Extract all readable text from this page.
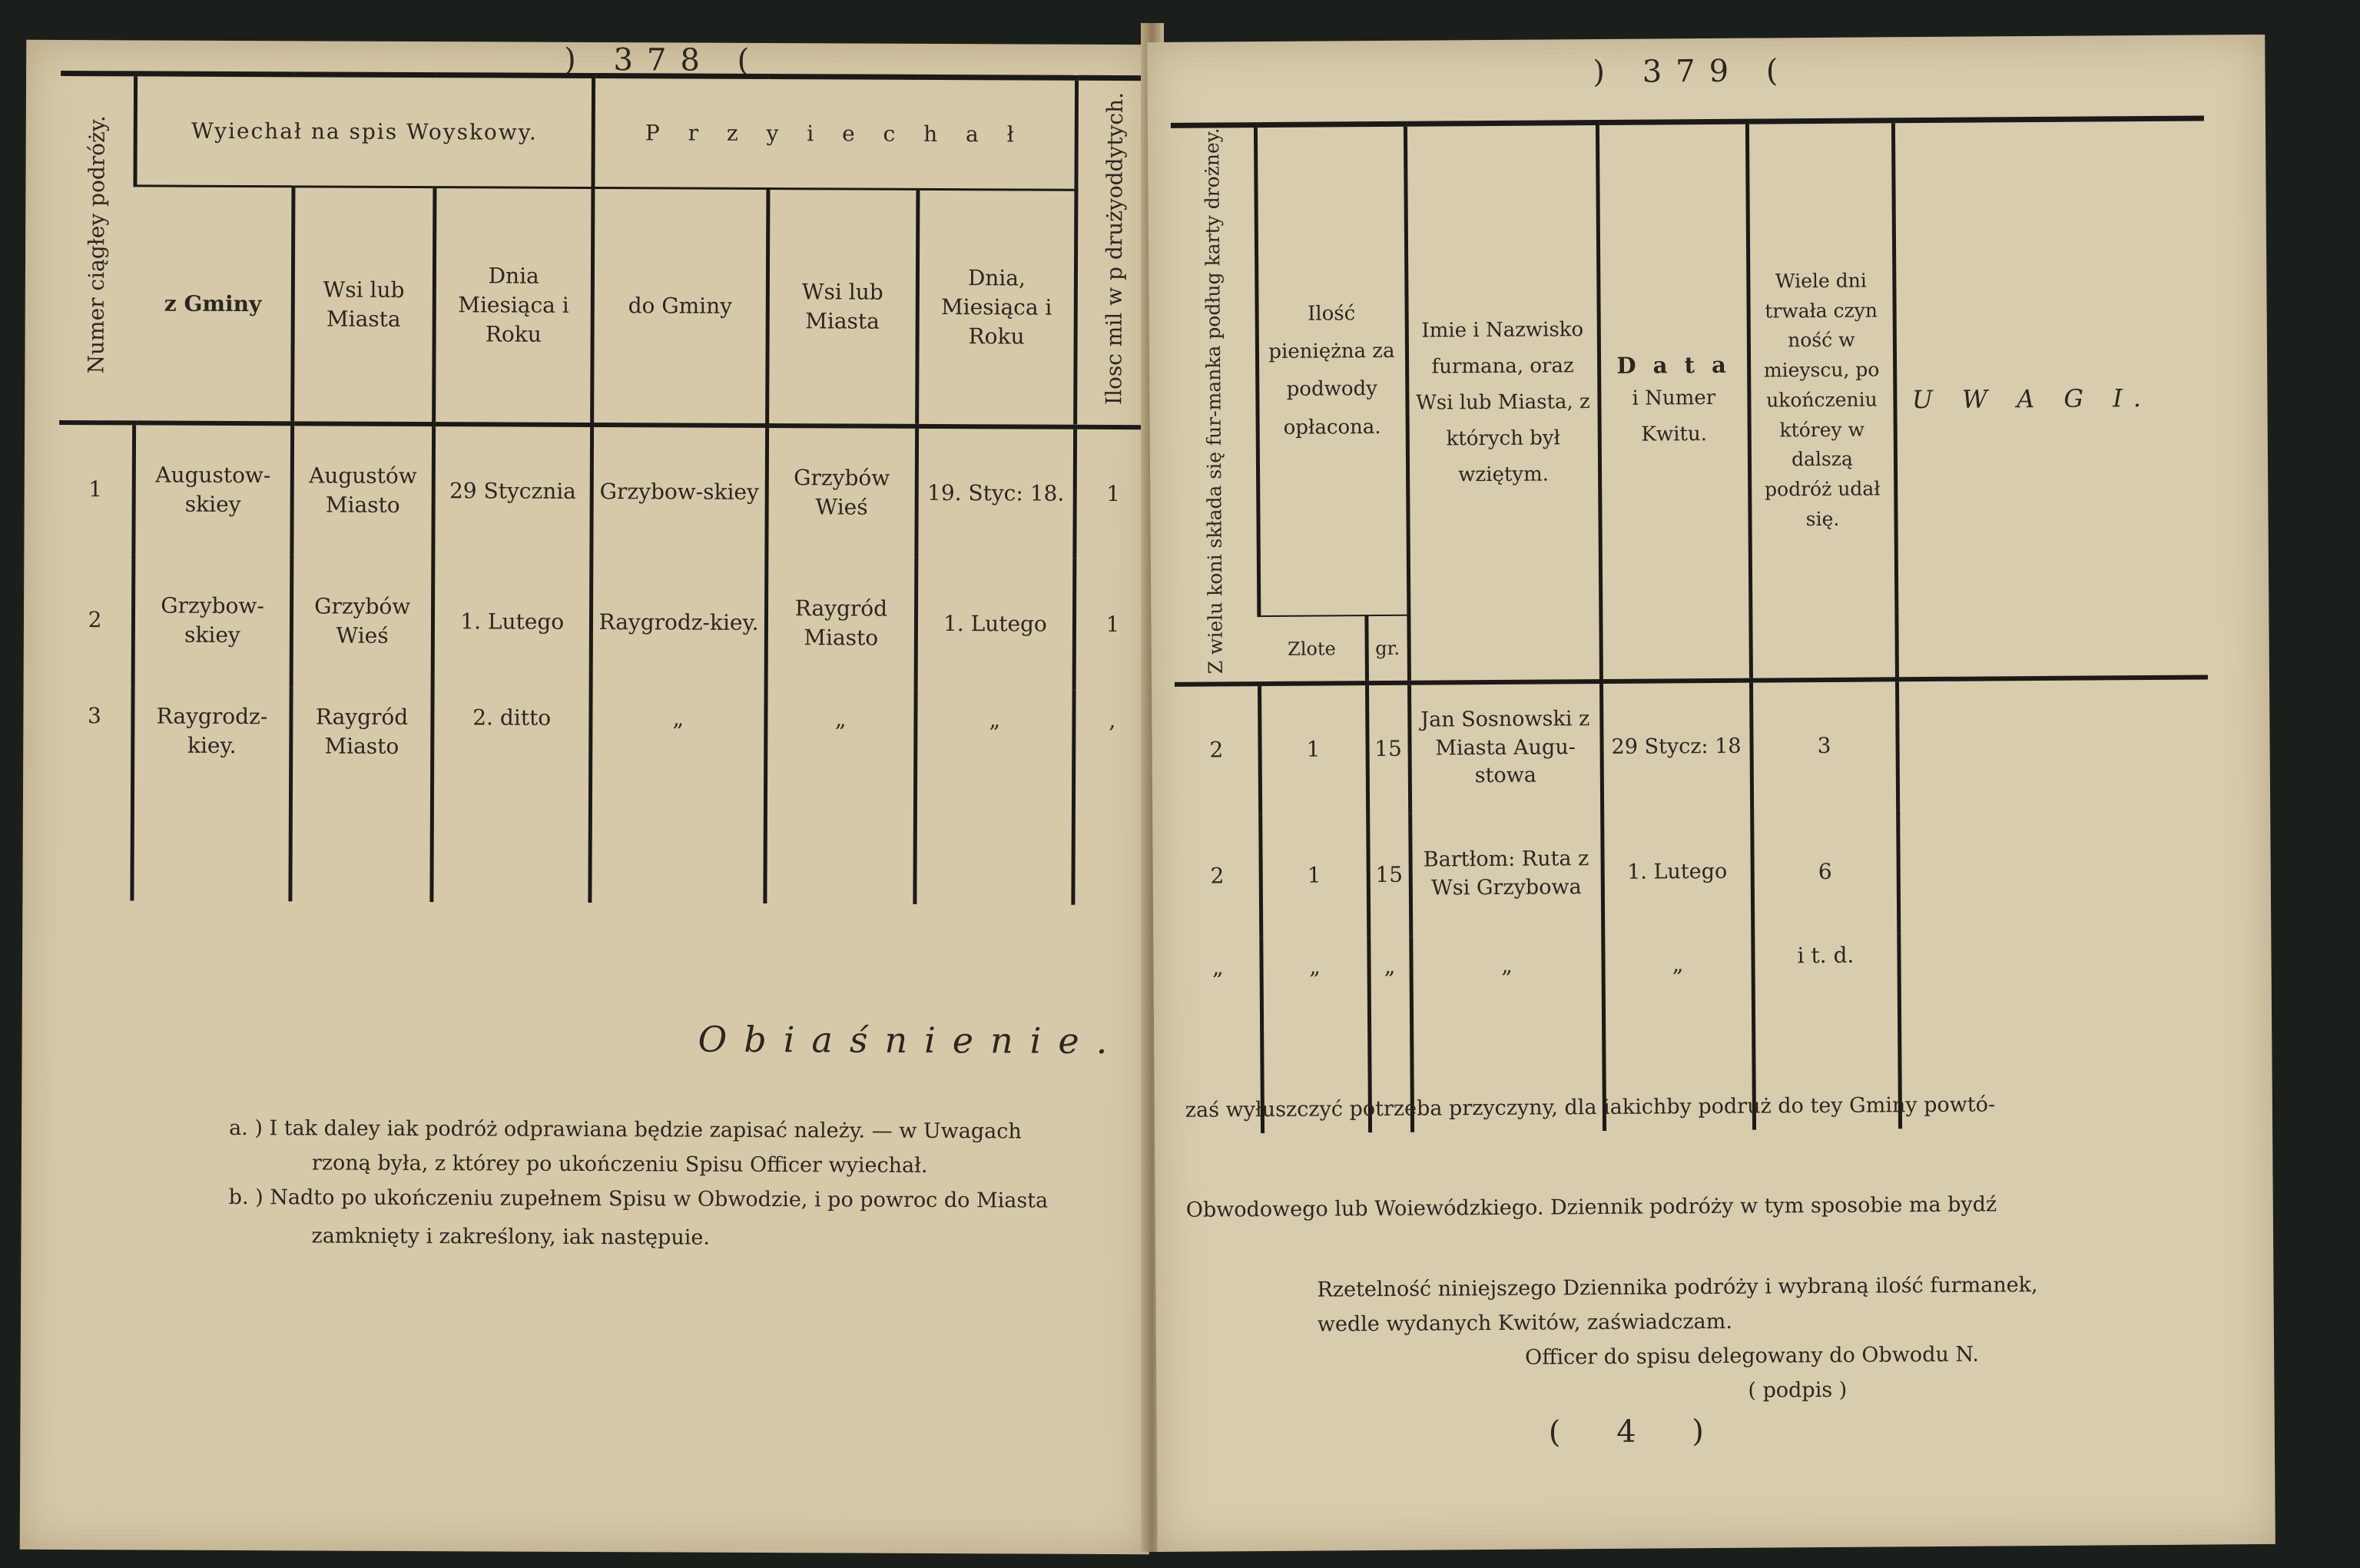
) 378 (
Numer ciągłey podróży.	Wyiechał na spis Woyskowy.			P r z y i e c h a ł			Ilosc mil w p drużyoddytych.
	z Gminy	Wsi lub Miasta	Dnia Miesiąca i Roku	do Gminy	Wsi lub Miasta	Dnia, Miesiąca i Roku	
1	Augustow-skiey	Augustów Miasto	29 Stycznia	Grzybow-skiey	Grzybów Wieś	19. Styc: 18.	1
2	Grzybow-skiey	Grzybów Wieś	1. Lutego	Raygrodz-kiey.	Raygród Miasto	1. Lutego	1
3	Raygrodz-kiey.	Raygród Miasto	2. ditto	„	„	„	,
Obiaśnienie.
a. ) I tak daley iak podróż odprawiana będzie zapisać należy. — w Uwagach
rzoną była, z którey po ukończeniu Spisu Officer wyiechał.
b. ) Nadto po ukończeniu zupełnem Spisu w Obwodzie, i po powroc do Miasta
zamknięty i zakreślony, iak następuie.
) 379 (
Z wielu koni składa się fur-manka podług karty drożney.	Ilość pieniężna za podwody opłacona.		Imie i Nazwisko furmana, oraz Wsi lub Miasta, z których był wziętym.	D a t a
i Numer Kwitu.	Wiele dni trwała czyn ność w mieyscu, po ukończeniu którey w dalszą podróż udał się.	U W A G I.
	Zlote	gr.				
2	1	15	Jan Sosnowski z Miasta Augu-stowa	29 Stycz: 18	3	
2	1	15	Bartłom: Ruta z Wsi Grzybowa	1. Lutego	6	
„	„	„	„	„	i t. d.	
zaś wyłuszczyć potrzeba przyczyny, dla iakichby podruż do tey Gminy powtó-
Obwodowego lub Woiewódzkiego. Dziennik podróży w tym sposobie ma bydź
Rzetelność niniejszego Dziennika podróży i wybraną ilość furmanek,
wedle wydanych Kwitów, zaświadczam.
Officer do spisu delegowany do Obwodu N.
( podpis )
( 4 )
